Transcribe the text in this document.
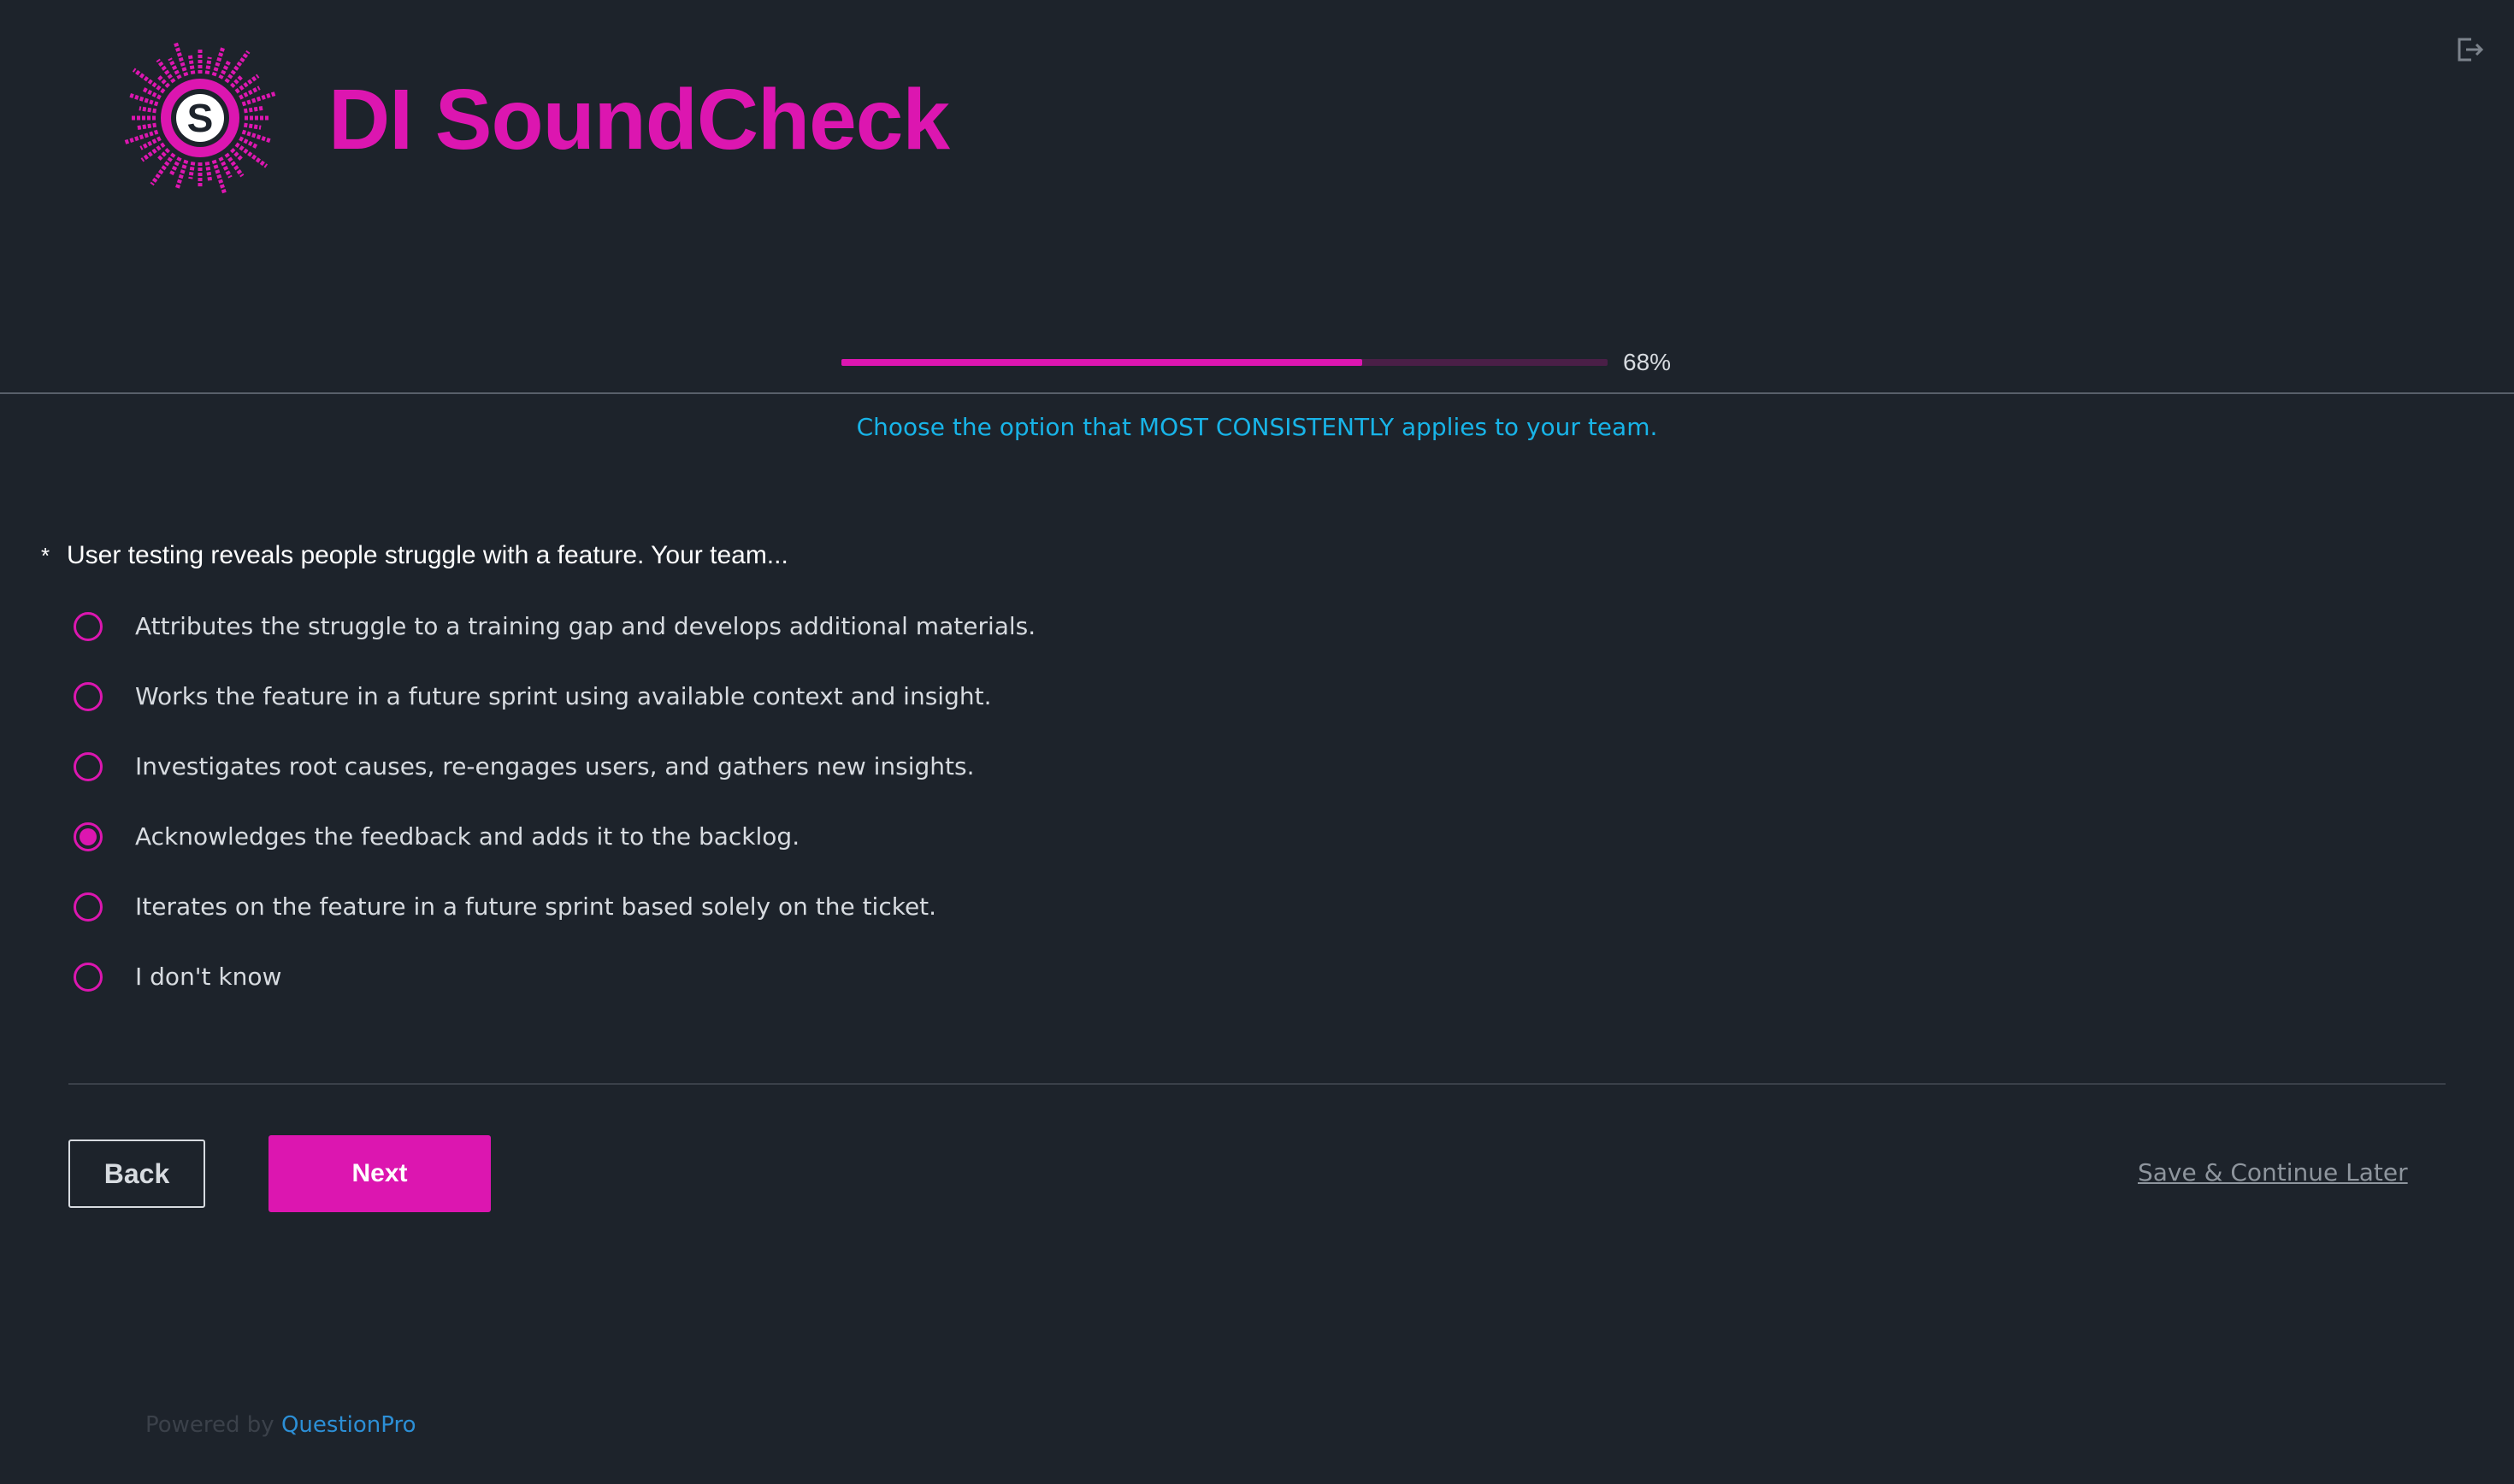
S DI SoundCheck
68%
Choose the option that MOST CONSISTENTLY applies to your team.
* User testing reveals people struggle with a feature. Your team...
Attributes the struggle to a training gap and develops additional materials.
Works the feature in a future sprint using available context and insight.
Investigates root causes, re-engages users, and gathers new insights.
Acknowledges the feedback and adds it to the backlog.
Iterates on the feature in a future sprint based solely on the ticket.
I don't know
Back	Next	Save & Continue Later
Powered by QuestionPro
